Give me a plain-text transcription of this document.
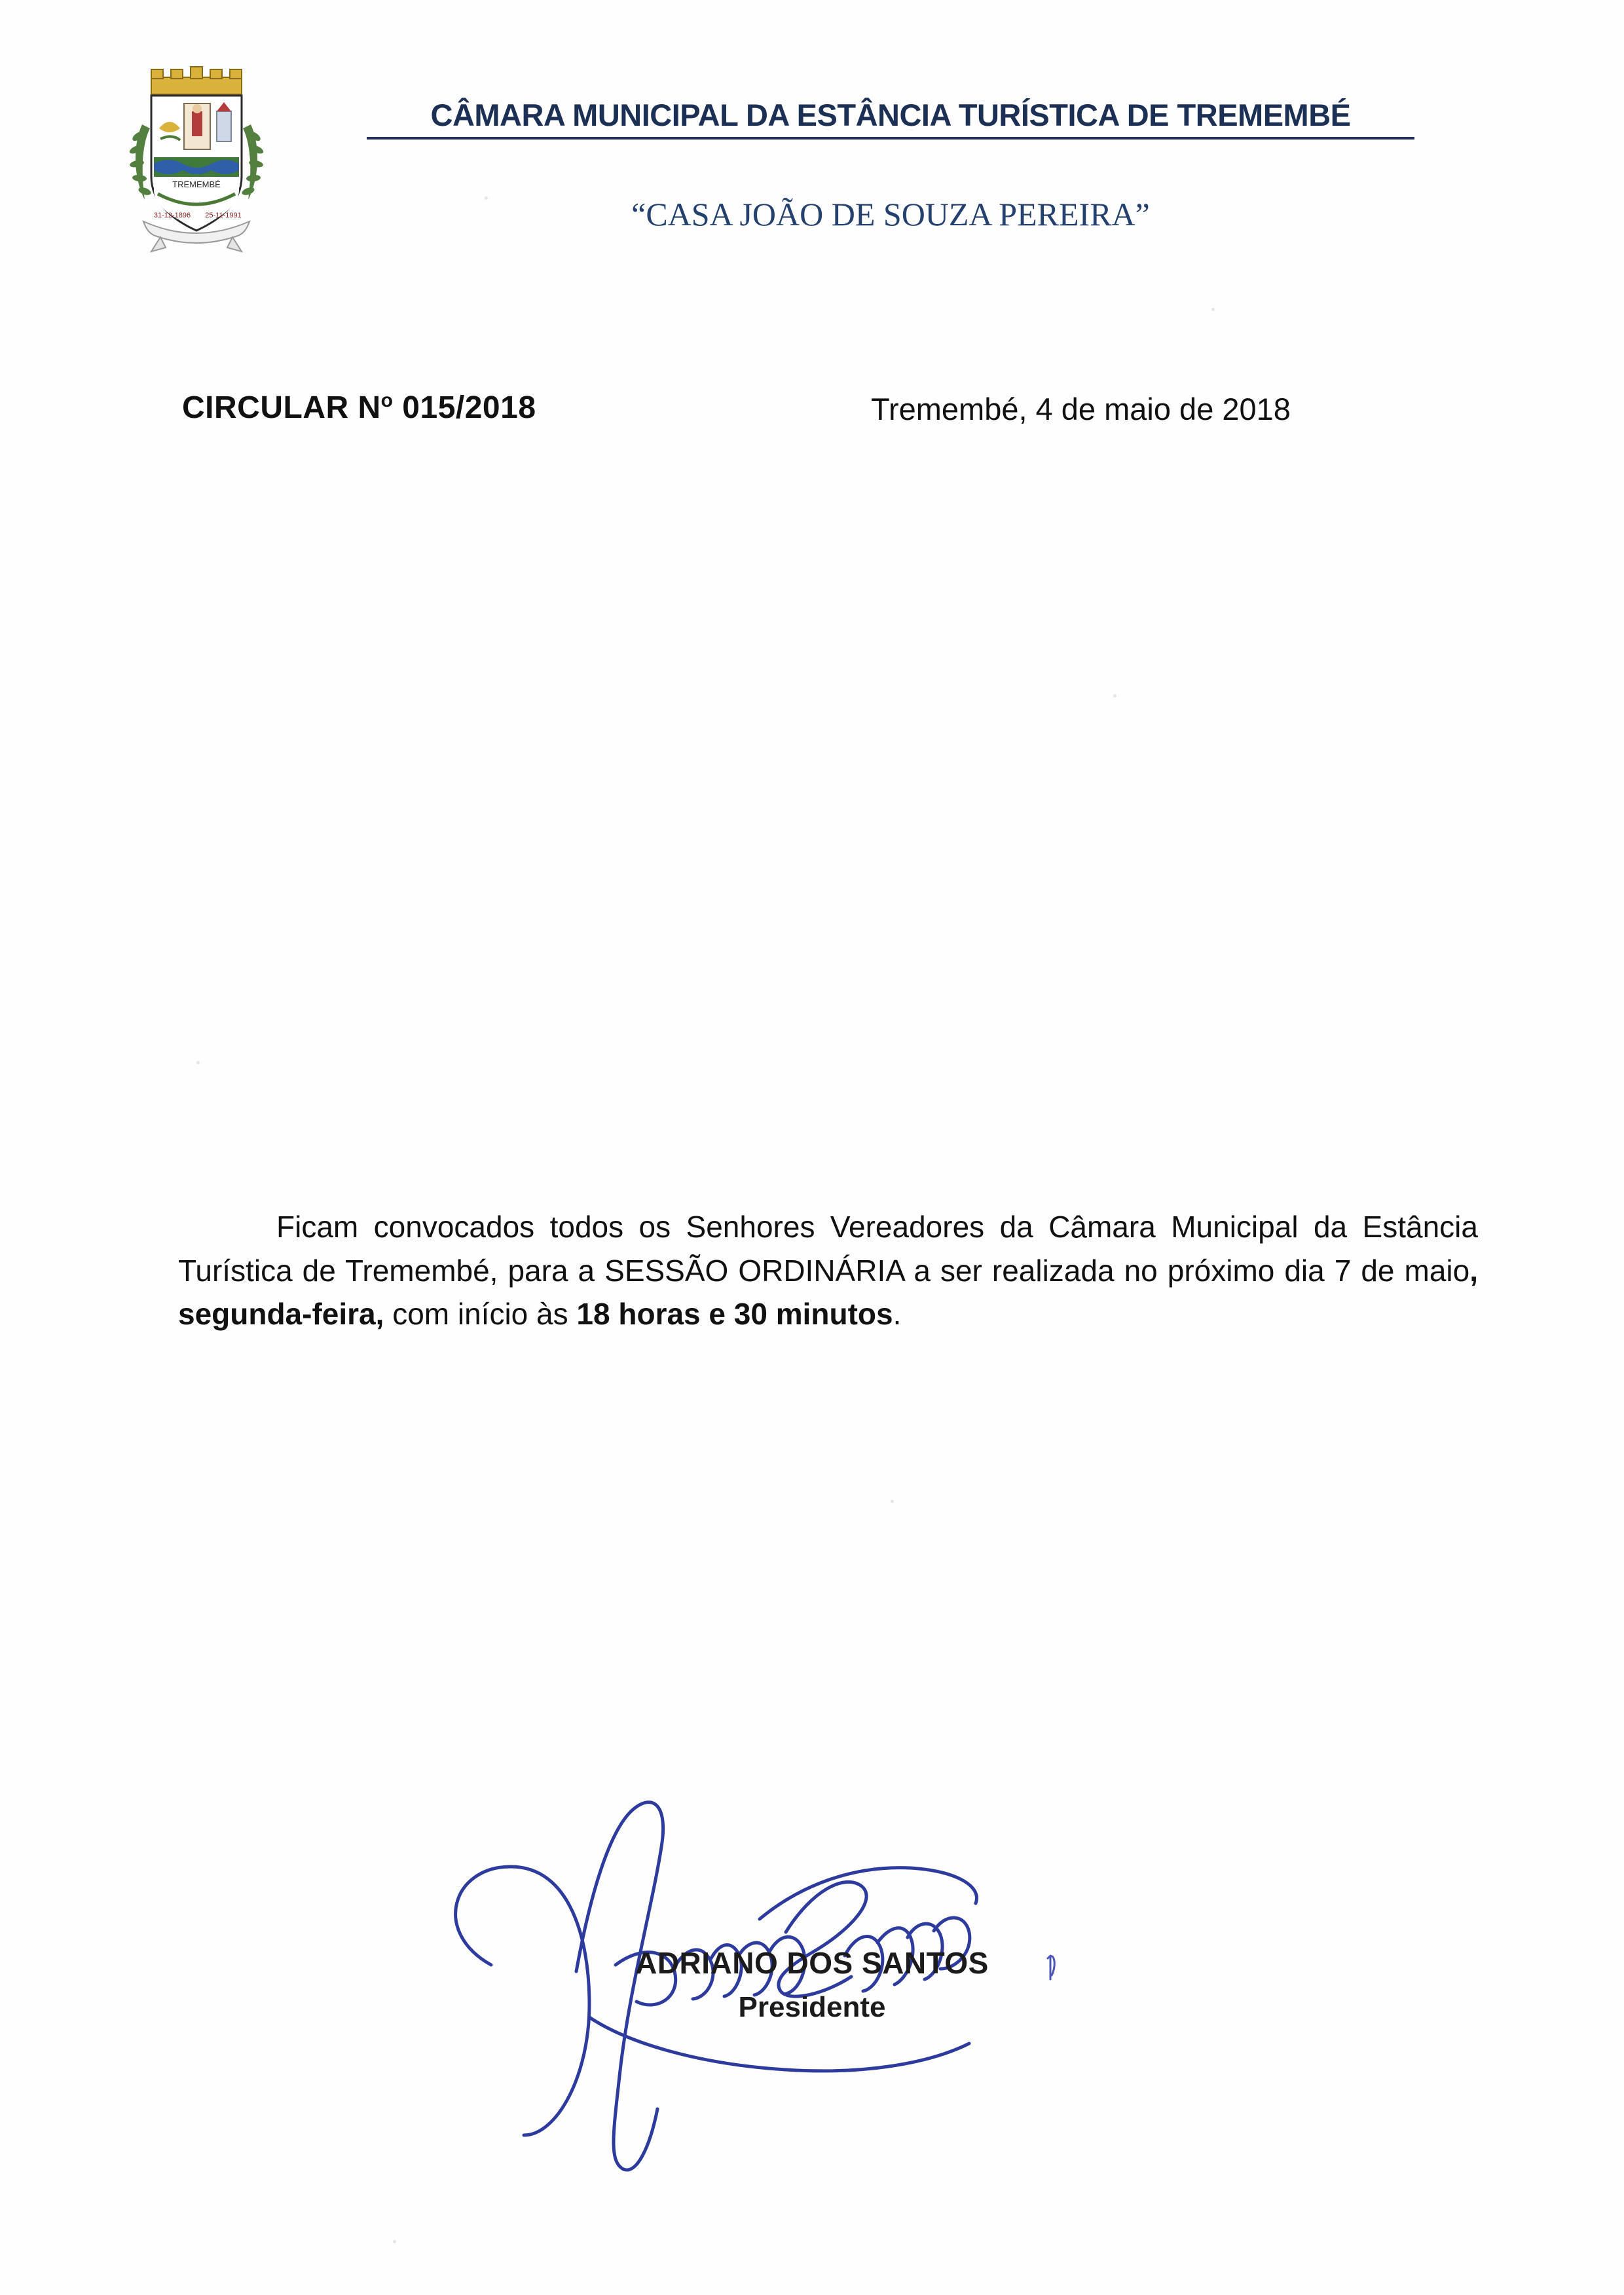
TREMEMBÉ
31-12-1896 25-11-1991
CÂMARA MUNICIPAL DA ESTÂNCIA TURÍSTICA DE TREMEMBÉ
“CASA JOÃO DE SOUZA PEREIRA”
CIRCULAR $N^o$ 015/2018	Tremembé, 4 de maio de 2018
Ficam convocados todos os Senhores Vereadores da Câmara Municipal da Estância Turística de Tremembé, para a SESSÃO ORDINÁRIA a ser realizada no próximo dia 7 de maio, segunda-feira, com início às 18 horas e 30 minutos.
ADRIANO DOS SANTOS
Presidente
